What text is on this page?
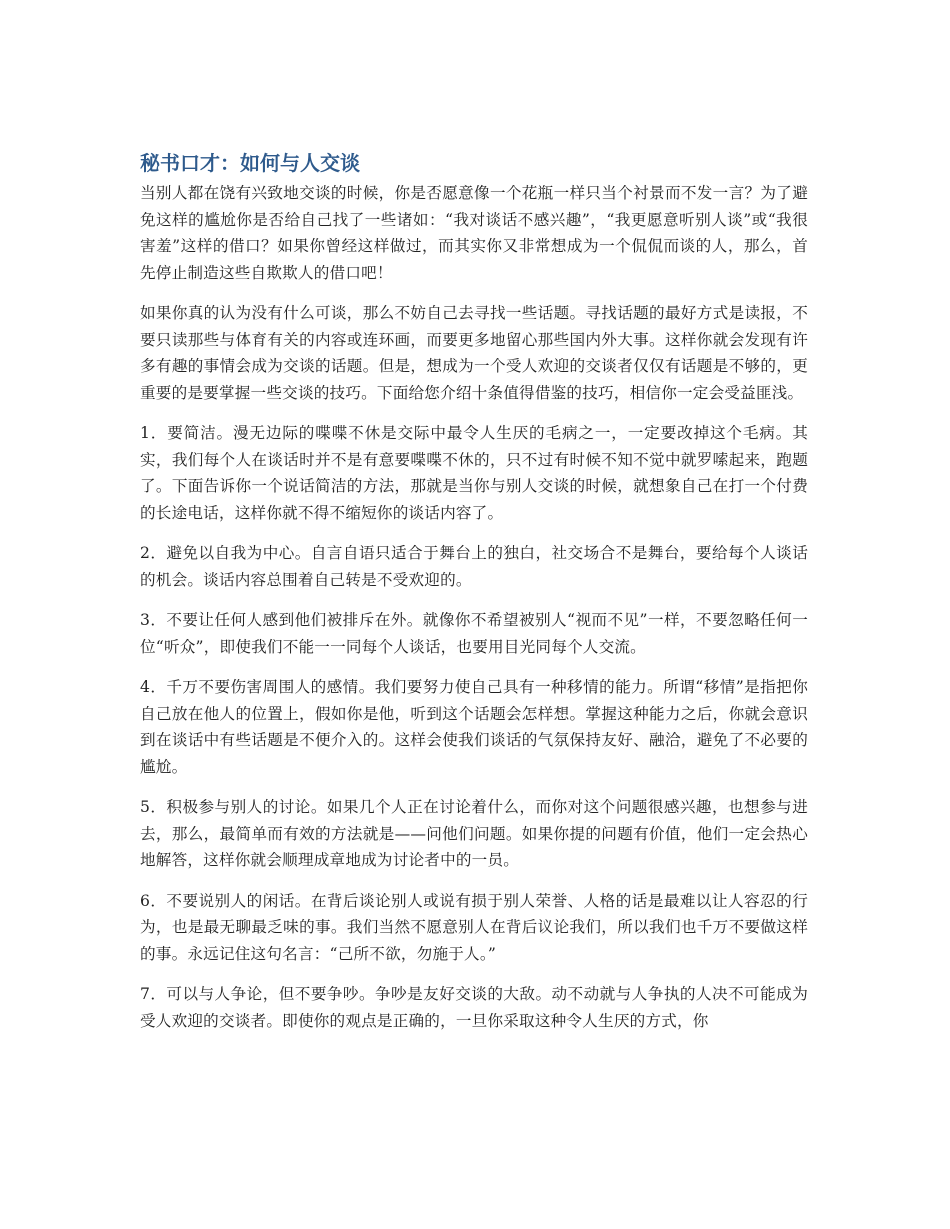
秘书口才：如何与人交谈

当别人都在饶有兴致地交谈的时候，你是否愿意像一个花瓶一样只当个衬景而不发一言？为了避免这样的尴尬你是否给自己找了一些诸如：“我对谈话不感兴趣”，“我更愿意听别人谈”或“我很害羞”这样的借口？如果你曾经这样做过，而其实你又非常想成为一个侃侃而谈的人，那么，首先停止制造这些自欺欺人的借口吧！

如果你真的认为没有什么可谈，那么不妨自己去寻找一些话题。寻找话题的最好方式是读报，不要只读那些与体育有关的内容或连环画，而要更多地留心那些国内外大事。这样你就会发现有许多有趣的事情会成为交谈的话题。但是，想成为一个受人欢迎的交谈者仅仅有话题是不够的，更重要的是要掌握一些交谈的技巧。下面给您介绍十条值得借鉴的技巧，相信你一定会受益匪浅。

1．要简洁。漫无边际的喋喋不休是交际中最令人生厌的毛病之一，一定要改掉这个毛病。其实，我们每个人在谈话时并不是有意要喋喋不休的，只不过有时候不知不觉中就罗嗦起来，跑题了。下面告诉你一个说话简洁的方法，那就是当你与别人交谈的时候，就想象自己在打一个付费的长途电话，这样你就不得不缩短你的谈话内容了。

2．避免以自我为中心。自言自语只适合于舞台上的独白，社交场合不是舞台，要给每个人谈话的机会。谈话内容总围着自己转是不受欢迎的。

3．不要让任何人感到他们被排斥在外。就像你不希望被别人“视而不见”一样，不要忽略任何一位“听众”，即使我们不能一一同每个人谈话，也要用目光同每个人交流。

4．千万不要伤害周围人的感情。我们要努力使自己具有一种移情的能力。所谓“移情”是指把你自己放在他人的位置上，假如你是他，听到这个话题会怎样想。掌握这种能力之后，你就会意识到在谈话中有些话题是不便介入的。这样会使我们谈话的气氛保持友好、融洽，避免了不必要的尴尬。

5．积极参与别人的讨论。如果几个人正在讨论着什么，而你对这个问题很感兴趣，也想参与进去，那么，最简单而有效的方法就是——问他们问题。如果你提的问题有价值，他们一定会热心地解答，这样你就会顺理成章地成为讨论者中的一员。

6．不要说别人的闲话。在背后谈论别人或说有损于别人荣誉、人格的话是最难以让人容忍的行为，也是最无聊最乏味的事。我们当然不愿意别人在背后议论我们，所以我们也千万不要做这样的事。永远记住这句名言：“己所不欲，勿施于人。”

7．可以与人争论，但不要争吵。争吵是友好交谈的大敌。动不动就与人争执的人决不可能成为受人欢迎的交谈者。即使你的观点是正确的，一旦你采取这种令人生厌的方式，你
